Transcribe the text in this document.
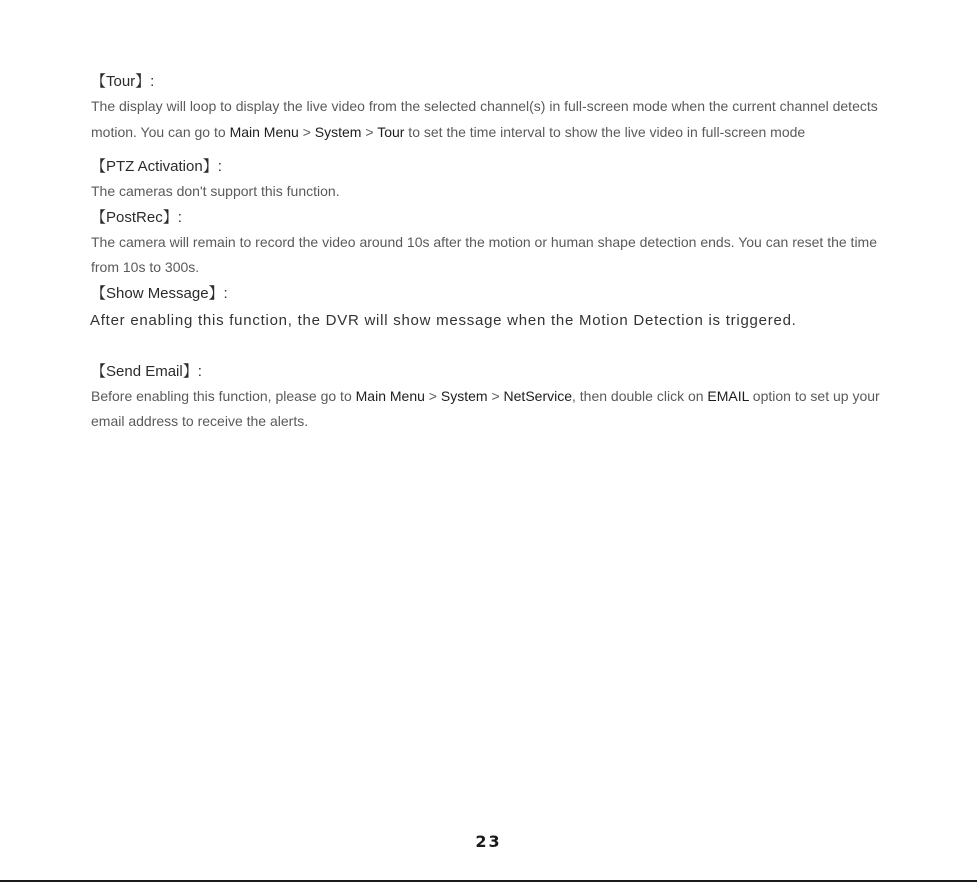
【Tour】:

The display will loop to display the live video from the selected channel(s) in full-screen mode when the current channel detects motion. You can go to Main Menu > System > Tour to set the time interval to show the live video in full-screen mode

【PTZ Activation】:

The cameras don't support this function.

【PostRec】:

The camera will remain to record the video around 10s after the motion or human shape detection ends. You can reset the time from 10s to 300s.

【Show Message】:

After enabling this function, the DVR will show message when the Motion Detection is triggered.

【Send Email】:

Before enabling this function, please go to Main Menu > System > NetService, then double click on EMAIL option to set up your email address to receive the alerts.

23
